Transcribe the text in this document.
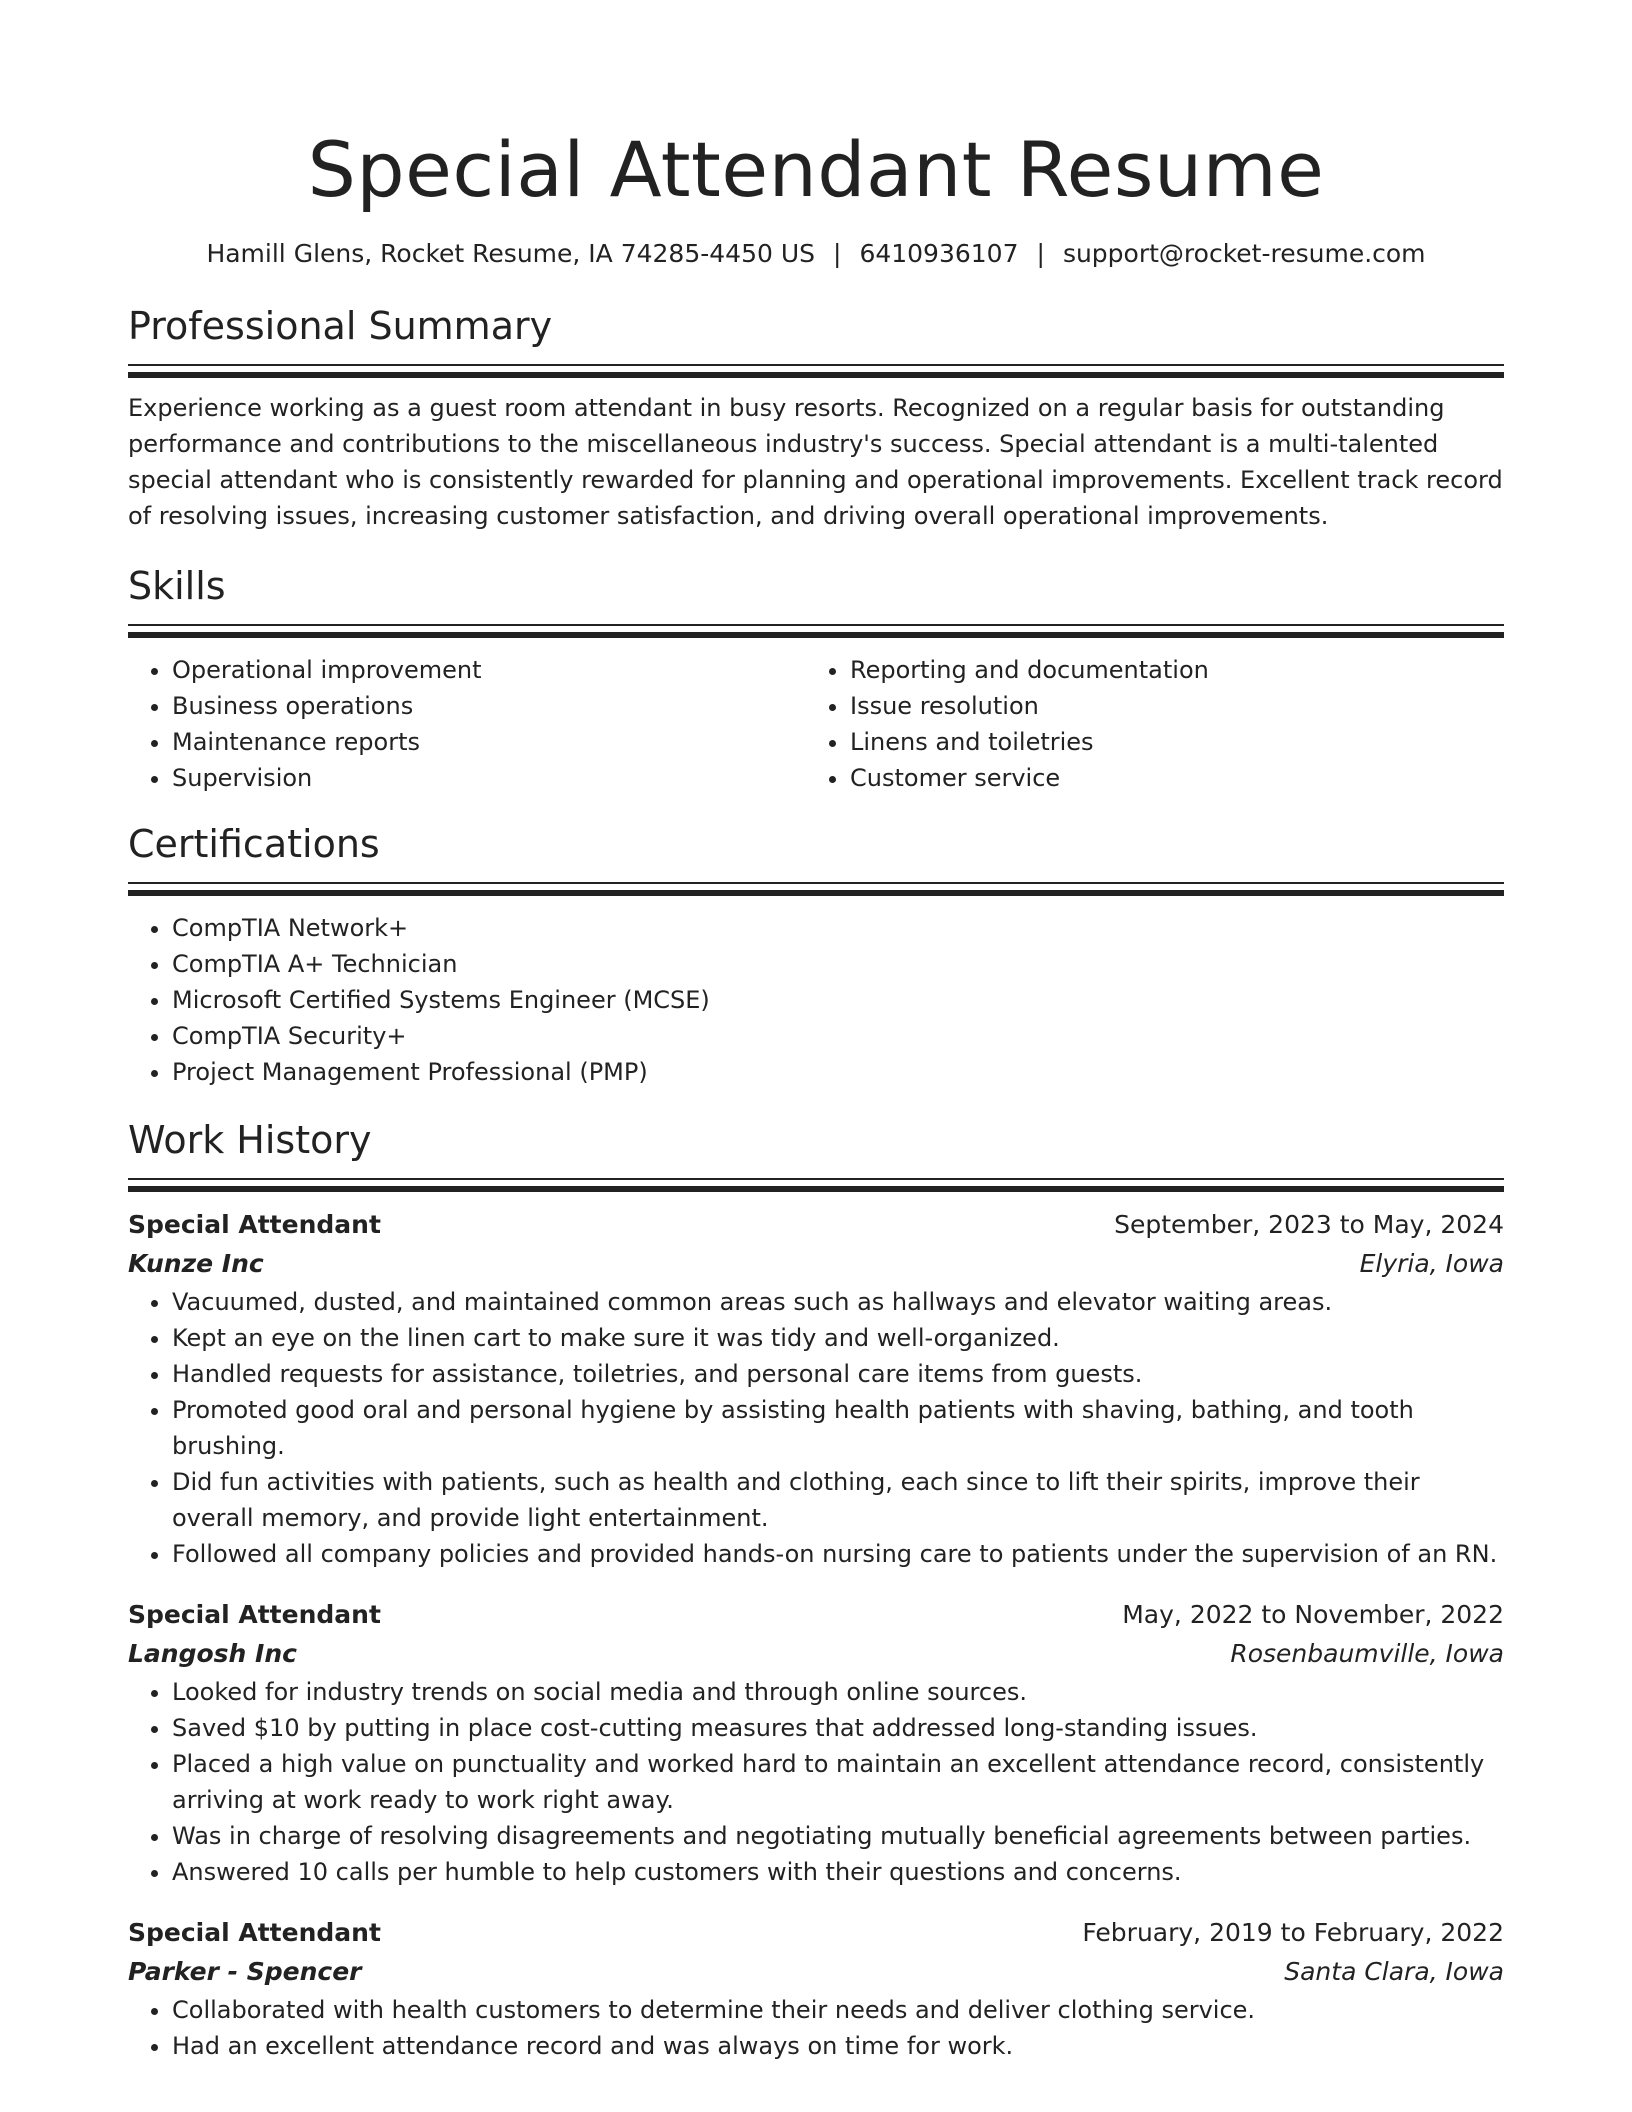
Special Attendant Resume
Hamill Glens, Rocket Resume, IA 74285-4450 US | 6410936107 | support@rocket-resume.com
Professional Summary
Experience working as a guest room attendant in busy resorts. Recognized on a regular basis for outstanding performance and contributions to the miscellaneous industry's success. Special attendant is a multi-talented special attendant who is consistently rewarded for planning and operational improvements. Excellent track record of resolving issues, increasing customer satisfaction, and driving overall operational improvements.
Skills
• Operational improvement
• Business operations
• Maintenance reports
• Supervision
• Reporting and documentation
• Issue resolution
• Linens and toiletries
• Customer service
Certifications
• CompTIA Network+
• CompTIA A+ Technician
• Microsoft Certified Systems Engineer (MCSE)
• CompTIA Security+
• Project Management Professional (PMP)
Work History
Special Attendant	September, 2023 to May, 2024
Kunze Inc	Elyria, Iowa
• Vacuumed, dusted, and maintained common areas such as hallways and elevator waiting areas.
• Kept an eye on the linen cart to make sure it was tidy and well-organized.
• Handled requests for assistance, toiletries, and personal care items from guests.
• Promoted good oral and personal hygiene by assisting health patients with shaving, bathing, and tooth brushing.
• Did fun activities with patients, such as health and clothing, each since to lift their spirits, improve their overall memory, and provide light entertainment.
• Followed all company policies and provided hands-on nursing care to patients under the supervision of an RN.
Special Attendant	May, 2022 to November, 2022
Langosh Inc	Rosenbaumville, Iowa
• Looked for industry trends on social media and through online sources.
• Saved $10 by putting in place cost-cutting measures that addressed long-standing issues.
• Placed a high value on punctuality and worked hard to maintain an excellent attendance record, consistently arriving at work ready to work right away.
• Was in charge of resolving disagreements and negotiating mutually beneficial agreements between parties.
• Answered 10 calls per humble to help customers with their questions and concerns.
Special Attendant	February, 2019 to February, 2022
Parker - Spencer	Santa Clara, Iowa
• Collaborated with health customers to determine their needs and deliver clothing service.
• Had an excellent attendance record and was always on time for work.
